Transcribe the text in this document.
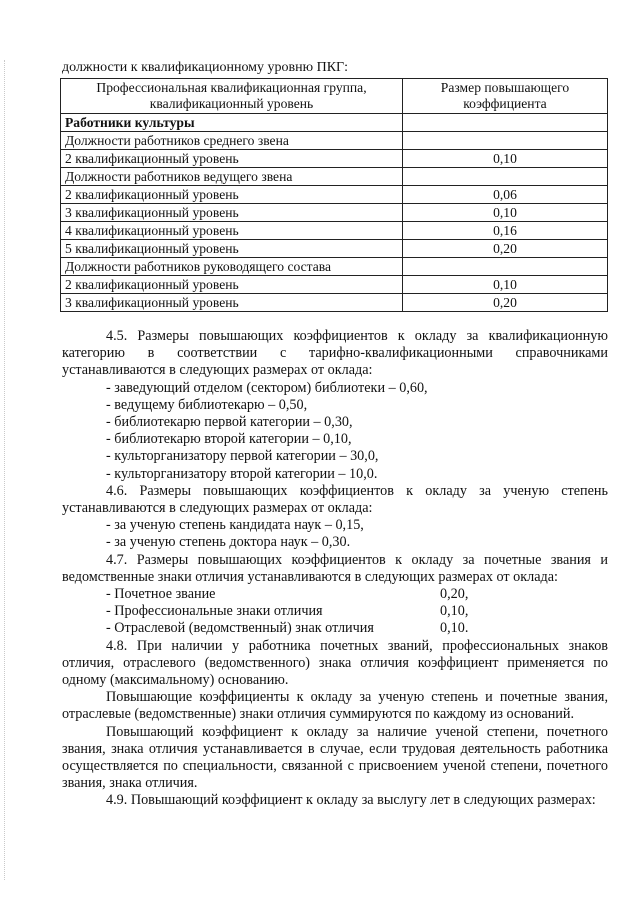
должности к квалификационному уровню ПКГ:

Профессиональная квалификационная группа, квалификационный уровень	Размер повышающего коэффициента
Работники культуры	
Должности работников среднего звена	
2 квалификационный уровень	0,10
Должности работников ведущего звена	
2 квалификационный уровень	0,06
3 квалификационный уровень	0,10
4 квалификационный уровень	0,16
5 квалификационный уровень	0,20
Должности работников руководящего состава	
2 квалификационный уровень	0,10
3 квалификационный уровень	0,20

4.5. Размеры повышающих коэффициентов к окладу за квалификационную категорию в соответствии с тарифно-квалификационными справочниками устанавливаются в следующих размерах от оклада:

- заведующий отделом (сектором) библиотеки – 0,60,

- ведущему библиотекарю – 0,50,

- библиотекарю первой категории – 0,30,

- библиотекарю второй категории – 0,10,

- культорганизатору первой категории – 30,0,

- культорганизатору второй категории – 10,0.

4.6. Размеры повышающих коэффициентов к окладу за ученую степень устанавливаются в следующих размерах от оклада:

- за ученую степень кандидата наук – 0,15,

- за ученую степень доктора наук – 0,30.

4.7. Размеры повышающих коэффициентов к окладу за почетные звания и ведомственные знаки отличия устанавливаются в следующих размерах от оклада:

- Почетное звание	0,20,
- Профессиональные знаки отличия	0,10,
- Отраслевой (ведомственный) знак отличия	0,10.

4.8. При наличии у работника почетных званий, профессиональных знаков отличия, отраслевого (ведомственного) знака отличия коэффициент применяется по одному (максимальному) основанию.

Повышающие коэффициенты к окладу за ученую степень и почетные звания, отраслевые (ведомственные) знаки отличия суммируются по каждому из оснований.

Повышающий коэффициент к окладу за наличие ученой степени, почетного звания, знака отличия устанавливается в случае, если трудовая деятельность работника осуществляется по специальности, связанной с присвоением ученой степени, почетного звания, знака отличия.

4.9. Повышающий коэффициент к окладу за выслугу лет в следующих размерах:
